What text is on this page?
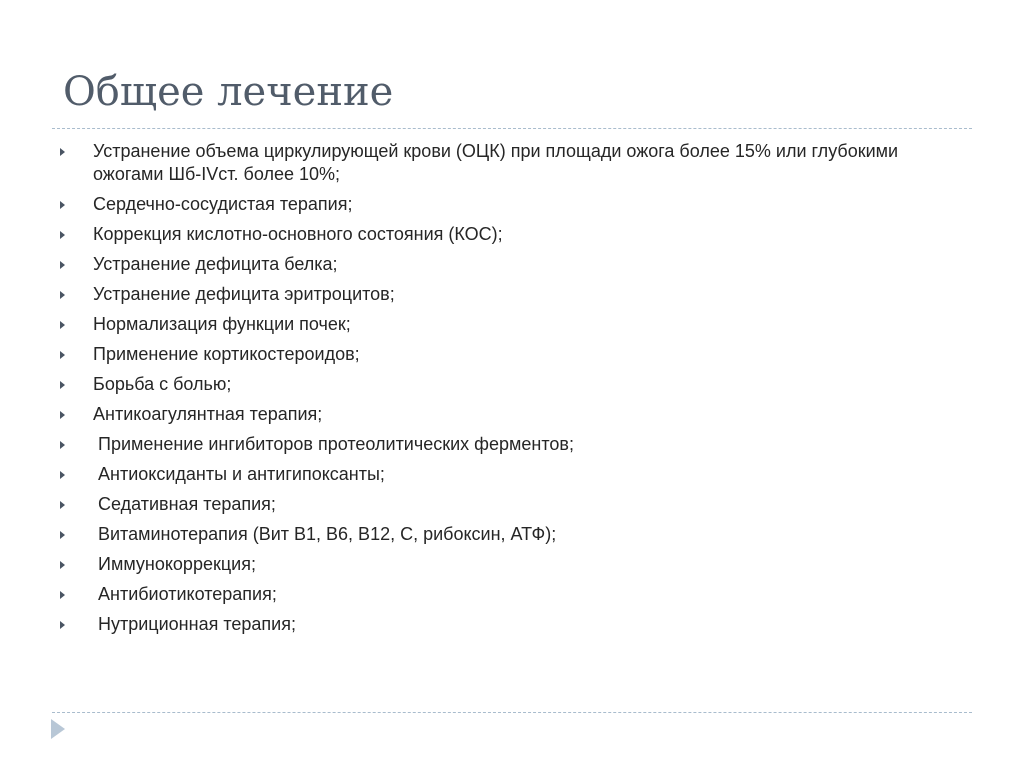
Общее лечение
Устранение объема циркулирующей крови (ОЦК) при площади ожога более 15% или глубокими ожогами Шб-IVст. более 10%;
Сердечно-сосудистая терапия;
Коррекция кислотно-основного состояния (КОС);
Устранение дефицита белка;
Устранение дефицита эритроцитов;
Нормализация функции почек;
Применение кортикостероидов;
Борьба с болью;
Антикоагулянтная терапия;
Применение ингибиторов протеолитических ферментов;
Антиоксиданты и антигипоксанты;
Седативная терапия;
Витаминотерапия (Вит В1, В6, В12, С, рибоксин, АТФ);
Иммунокоррекция;
Антибиотикотерапия;
Нутриционная терапия;
